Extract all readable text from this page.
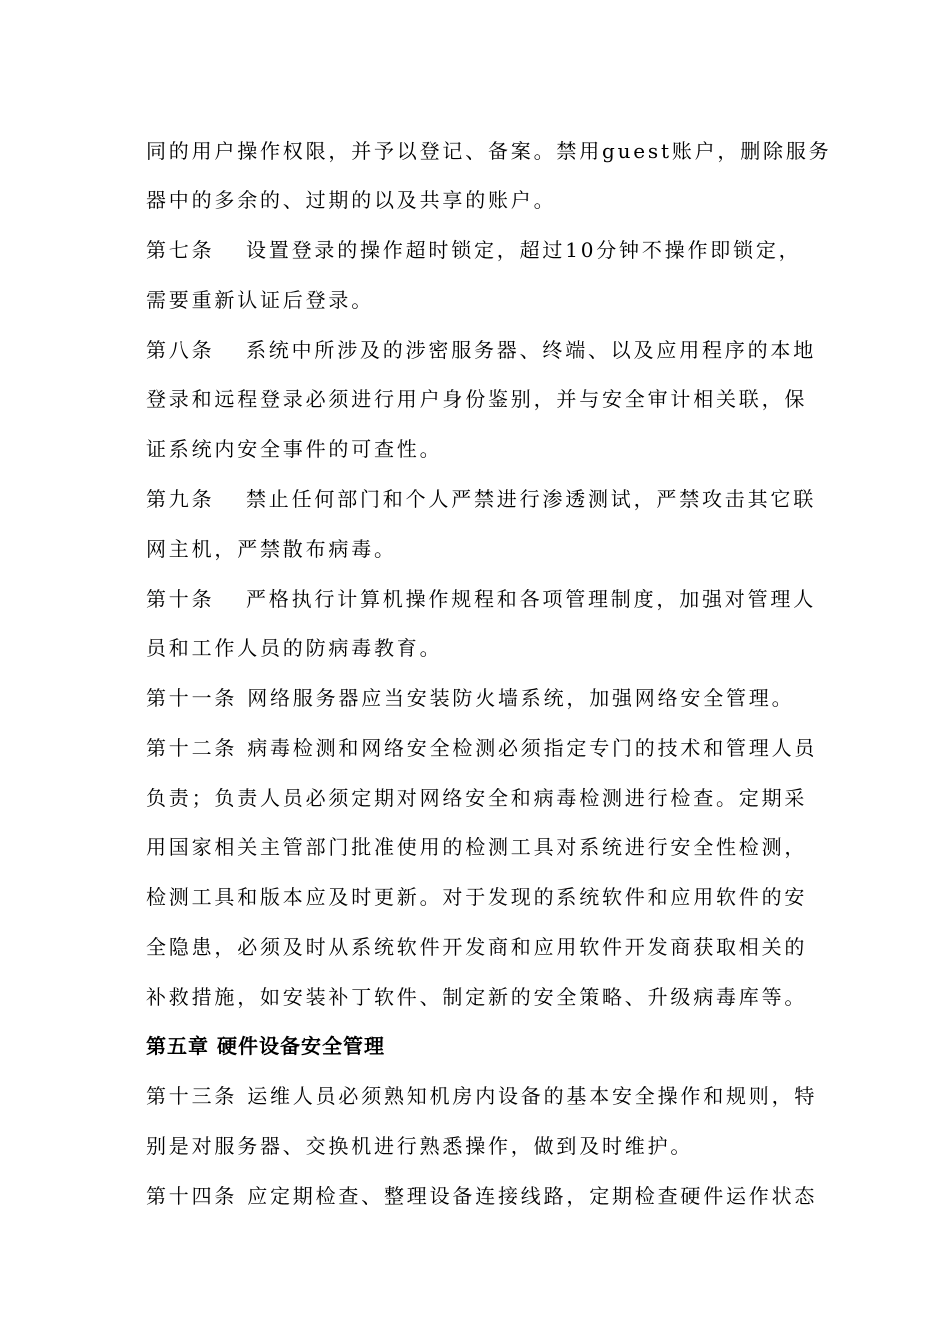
同的用户操作权限，并予以登记、备案。禁用guest账户，删除服务
器中的多余的、过期的以及共享的账户。
第七条 设置登录的操作超时锁定，超过10分钟不操作即锁定，
需要重新认证后登录。
第八条 系统中所涉及的涉密服务器、终端、以及应用程序的本地
登录和远程登录必须进行用户身份鉴别，并与安全审计相关联，保
证系统内安全事件的可查性。
第九条 禁止任何部门和个人严禁进行渗透测试，严禁攻击其它联
网主机，严禁散布病毒。
第十条 严格执行计算机操作规程和各项管理制度，加强对管理人
员和工作人员的防病毒教育。
第十一条 网络服务器应当安装防火墙系统，加强网络安全管理。
第十二条 病毒检测和网络安全检测必须指定专门的技术和管理人员
负责；负责人员必须定期对网络安全和病毒检测进行检查。定期采
用国家相关主管部门批准使用的检测工具对系统进行安全性检测，
检测工具和版本应及时更新。对于发现的系统软件和应用软件的安
全隐患，必须及时从系统软件开发商和应用软件开发商获取相关的
补救措施，如安装补丁软件、制定新的安全策略、升级病毒库等。
第五章 硬件设备安全管理
第十三条 运维人员必须熟知机房内设备的基本安全操作和规则，特
别是对服务器、交换机进行熟悉操作，做到及时维护。
第十四条 应定期检查、整理设备连接线路，定期检查硬件运作状态
